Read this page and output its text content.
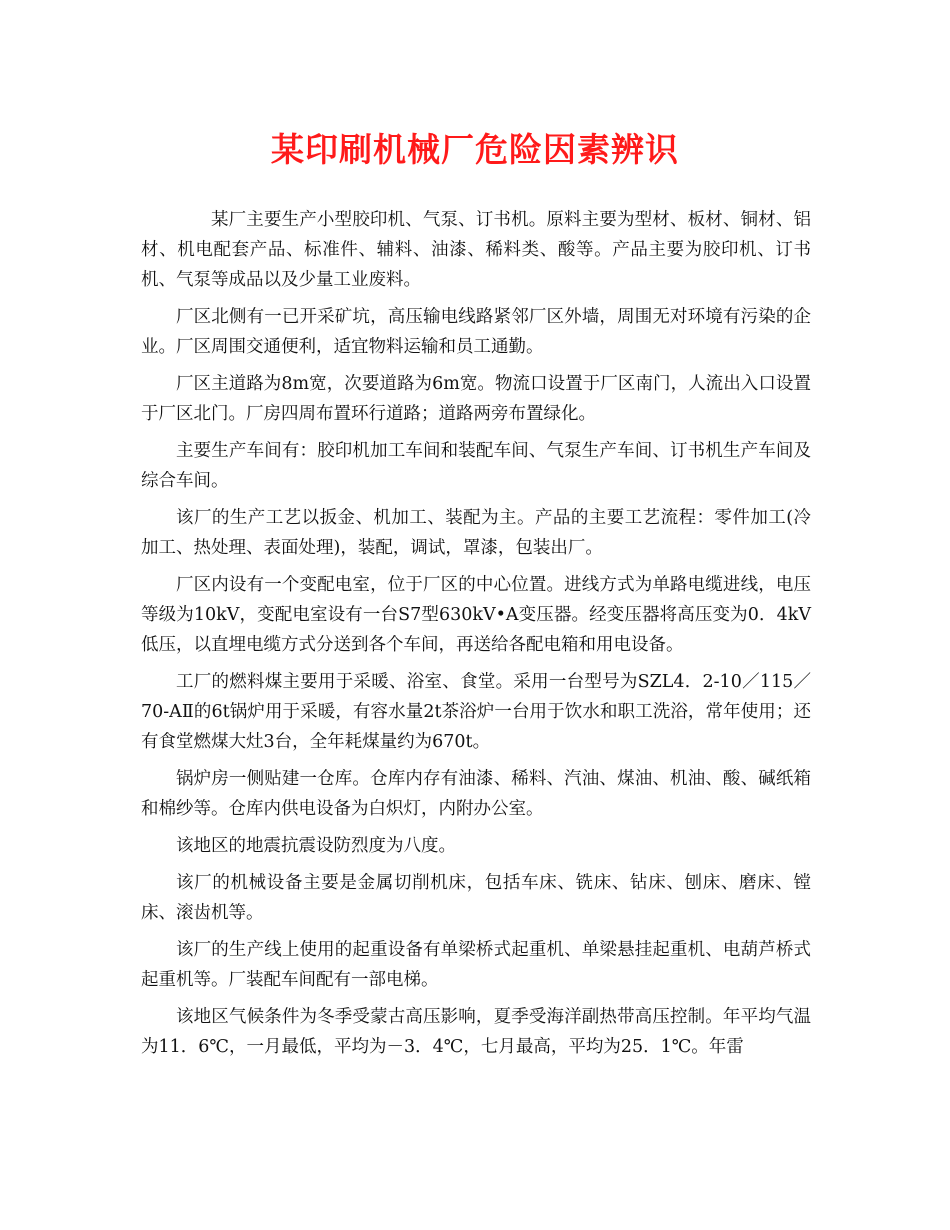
某印刷机械厂危险因素辨识

某厂主要生产小型胶印机、气泵、订书机。原料主要为型材、板材、铜材、铝材、机电配套产品、标准件、辅料、油漆、稀料类、酸等。产品主要为胶印机、订书机、气泵等成品以及少量工业废料。

厂区北侧有一已开采矿坑，高压输电线路紧邻厂区外墙，周围无对环境有污染的企业。厂区周围交通便利，适宜物料运输和员工通勤。

厂区主道路为8m宽，次要道路为6m宽。物流口设置于厂区南门，人流出入口设置于厂区北门。厂房四周布置环行道路；道路两旁布置绿化。

主要生产车间有：胶印机加工车间和装配车间、气泵生产车间、订书机生产车间及综合车间。

该厂的生产工艺以扳金、机加工、装配为主。产品的主要工艺流程：零件加工(冷加工、热处理、表面处理)，装配，调试，罩漆，包装出厂。

厂区内设有一个变配电室，位于厂区的中心位置。进线方式为单路电缆进线，电压等级为10kV，变配电室设有一台S7型630kV•A变压器。经变压器将高压变为0．4kV低压，以直埋电缆方式分送到各个车间，再送给各配电箱和用电设备。

工厂的燃料煤主要用于采暖、浴室、食堂。采用一台型号为SZL4．2-10／115／70-AⅡ的6t锅炉用于采暖，有容水量2t茶浴炉一台用于饮水和职工洗浴，常年使用；还有食堂燃煤大灶3台，全年耗煤量约为670t。

锅炉房一侧贴建一仓库。仓库内存有油漆、稀料、汽油、煤油、机油、酸、碱纸箱和棉纱等。仓库内供电设备为白炽灯，内附办公室。

该地区的地震抗震设防烈度为八度。

该厂的机械设备主要是金属切削机床，包括车床、铣床、钻床、刨床、磨床、镗床、滚齿机等。

该厂的生产线上使用的起重设备有单梁桥式起重机、单梁悬挂起重机、电葫芦桥式起重机等。厂装配车间配有一部电梯。

该地区气候条件为冬季受蒙古高压影响，夏季受海洋副热带高压控制。年平均气温为11．6℃，一月最低，平均为－3．4℃，七月最高，平均为25．1℃。年雷
